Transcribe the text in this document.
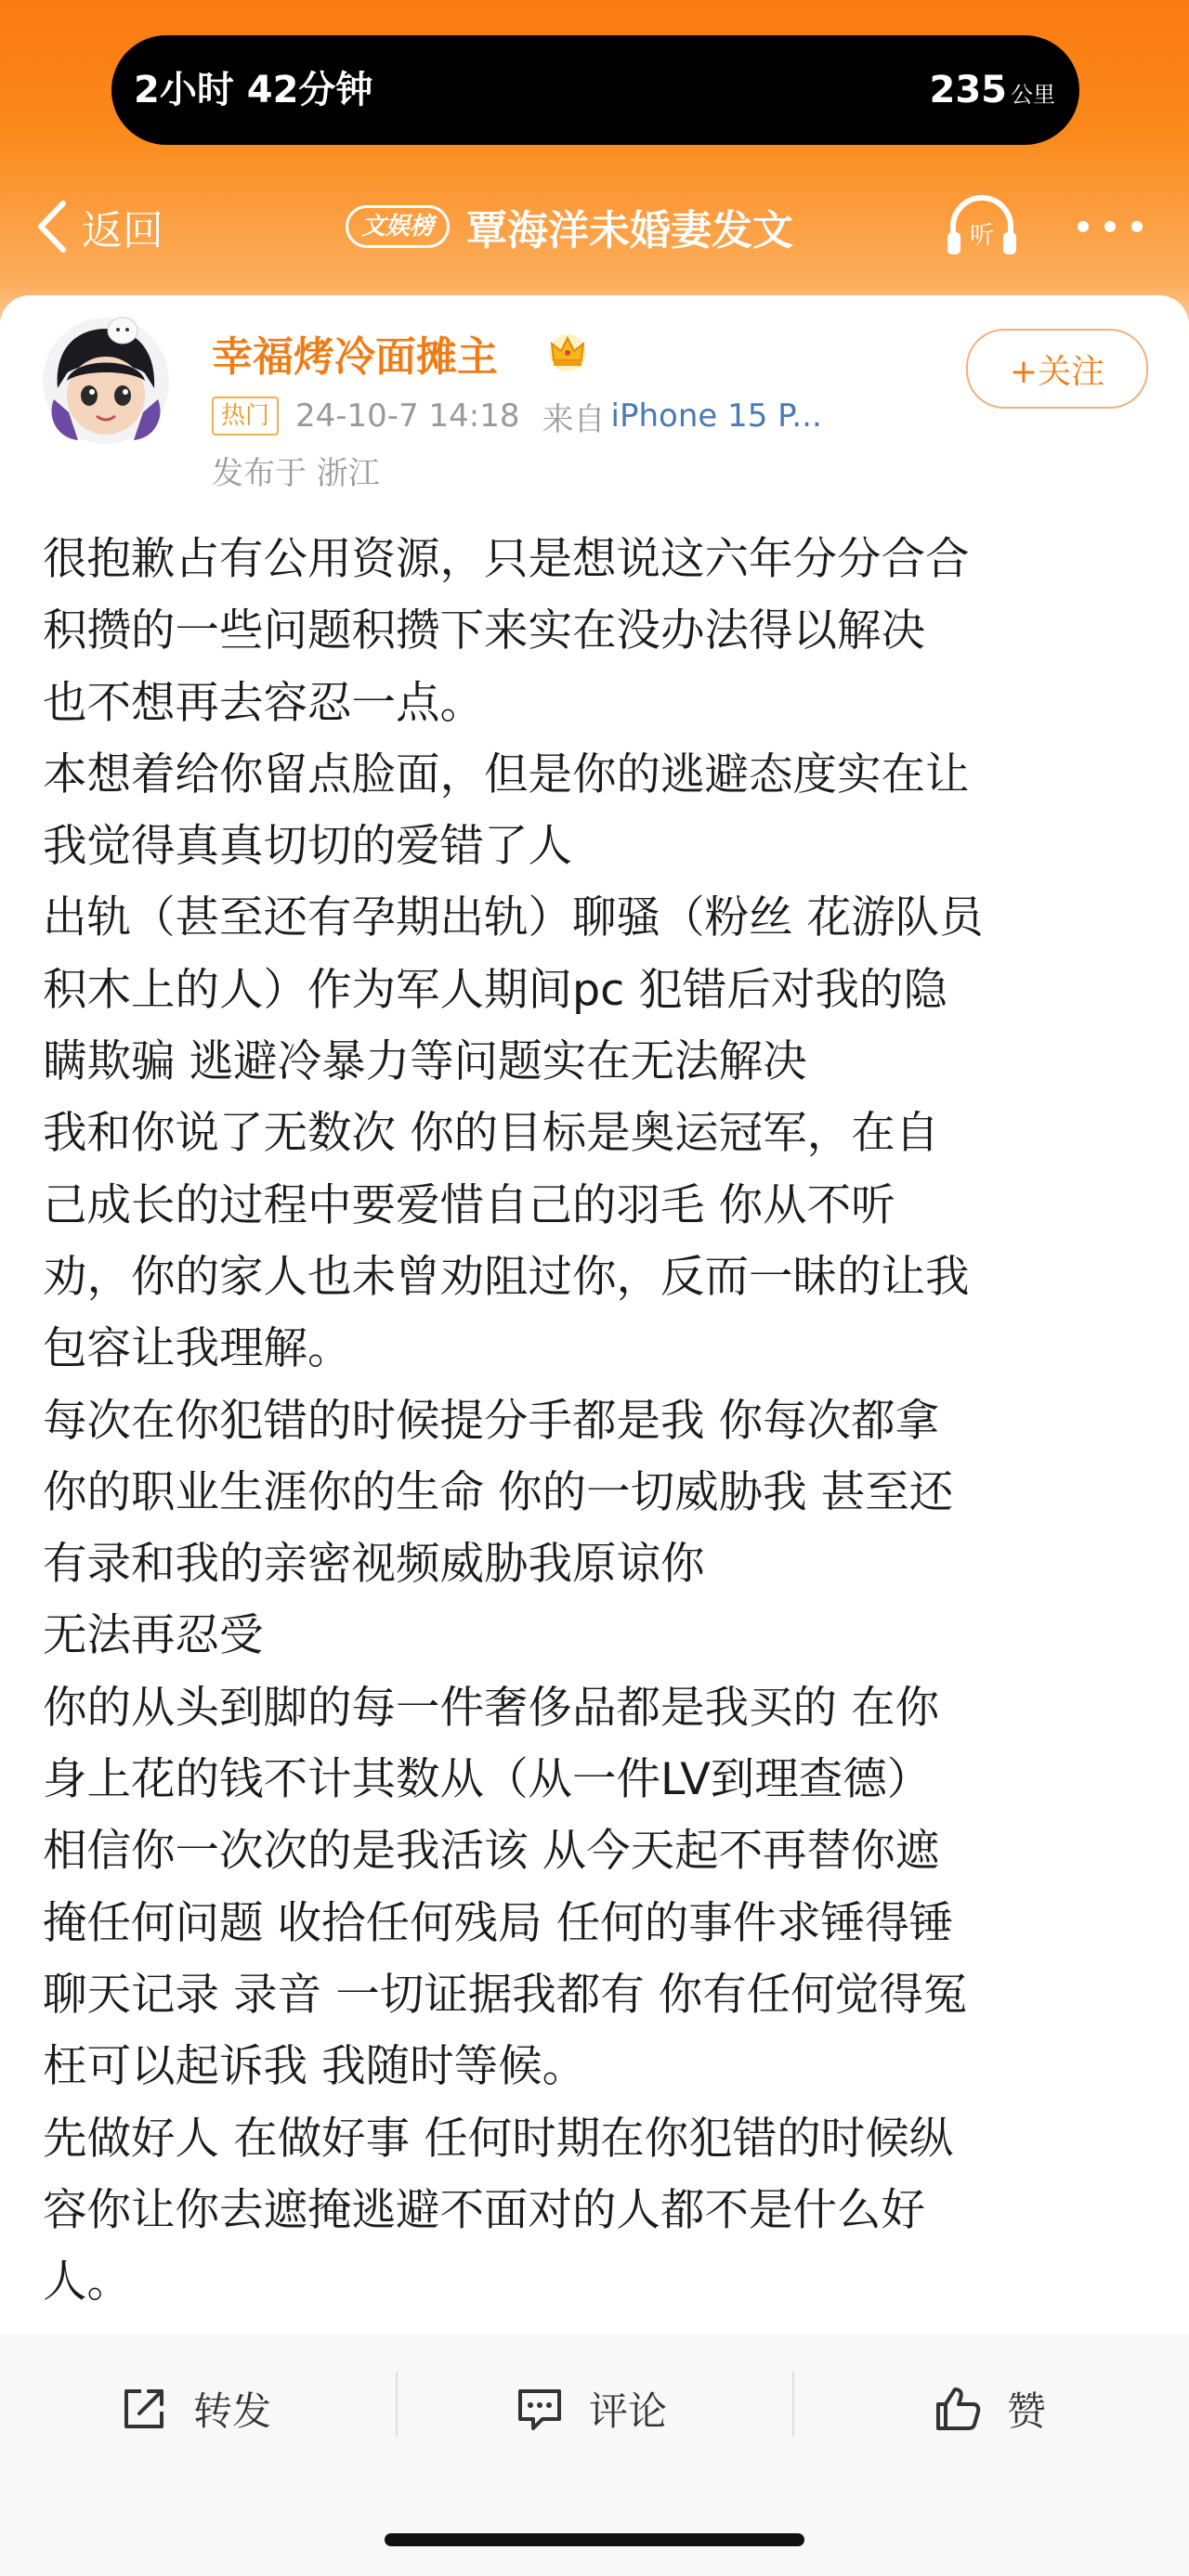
2小时 42分钟	235 公里
返回	文娱榜 覃海洋未婚妻发文	听
幸福烤冷面摊主
热门 24-10-7 14:18 来自 iPhone 15 P...
发布于 浙江
+关注
很抱歉占有公用资源，只是想说这六年分分合合
积攒的一些问题积攒下来实在没办法得以解决
也不想再去容忍一点。
本想着给你留点脸面，但是你的逃避态度实在让
我觉得真真切切的爱错了人
出轨（甚至还有孕期出轨）聊骚（粉丝 花游队员
积木上的人）作为军人期间pc 犯错后对我的隐
瞒欺骗 逃避冷暴力等问题实在无法解决
我和你说了无数次 你的目标是奥运冠军，在自
己成长的过程中要爱惜自己的羽毛 你从不听
劝，你的家人也未曾劝阻过你，反而一昧的让我
包容让我理解。
每次在你犯错的时候提分手都是我 你每次都拿
你的职业生涯你的生命 你的一切威胁我 甚至还
有录和我的亲密视频威胁我原谅你
无法再忍受
你的从头到脚的每一件奢侈品都是我买的 在你
身上花的钱不计其数从（从一件LV到理查德）
相信你一次次的是我活该 从今天起不再替你遮
掩任何问题 收拾任何残局 任何的事件求锤得锤
聊天记录 录音 一切证据我都有 你有任何觉得冤
枉可以起诉我 我随时等候。
先做好人 在做好事 任何时期在你犯错的时候纵
容你让你去遮掩逃避不面对的人都不是什么好
人。
转发	评论	赞
